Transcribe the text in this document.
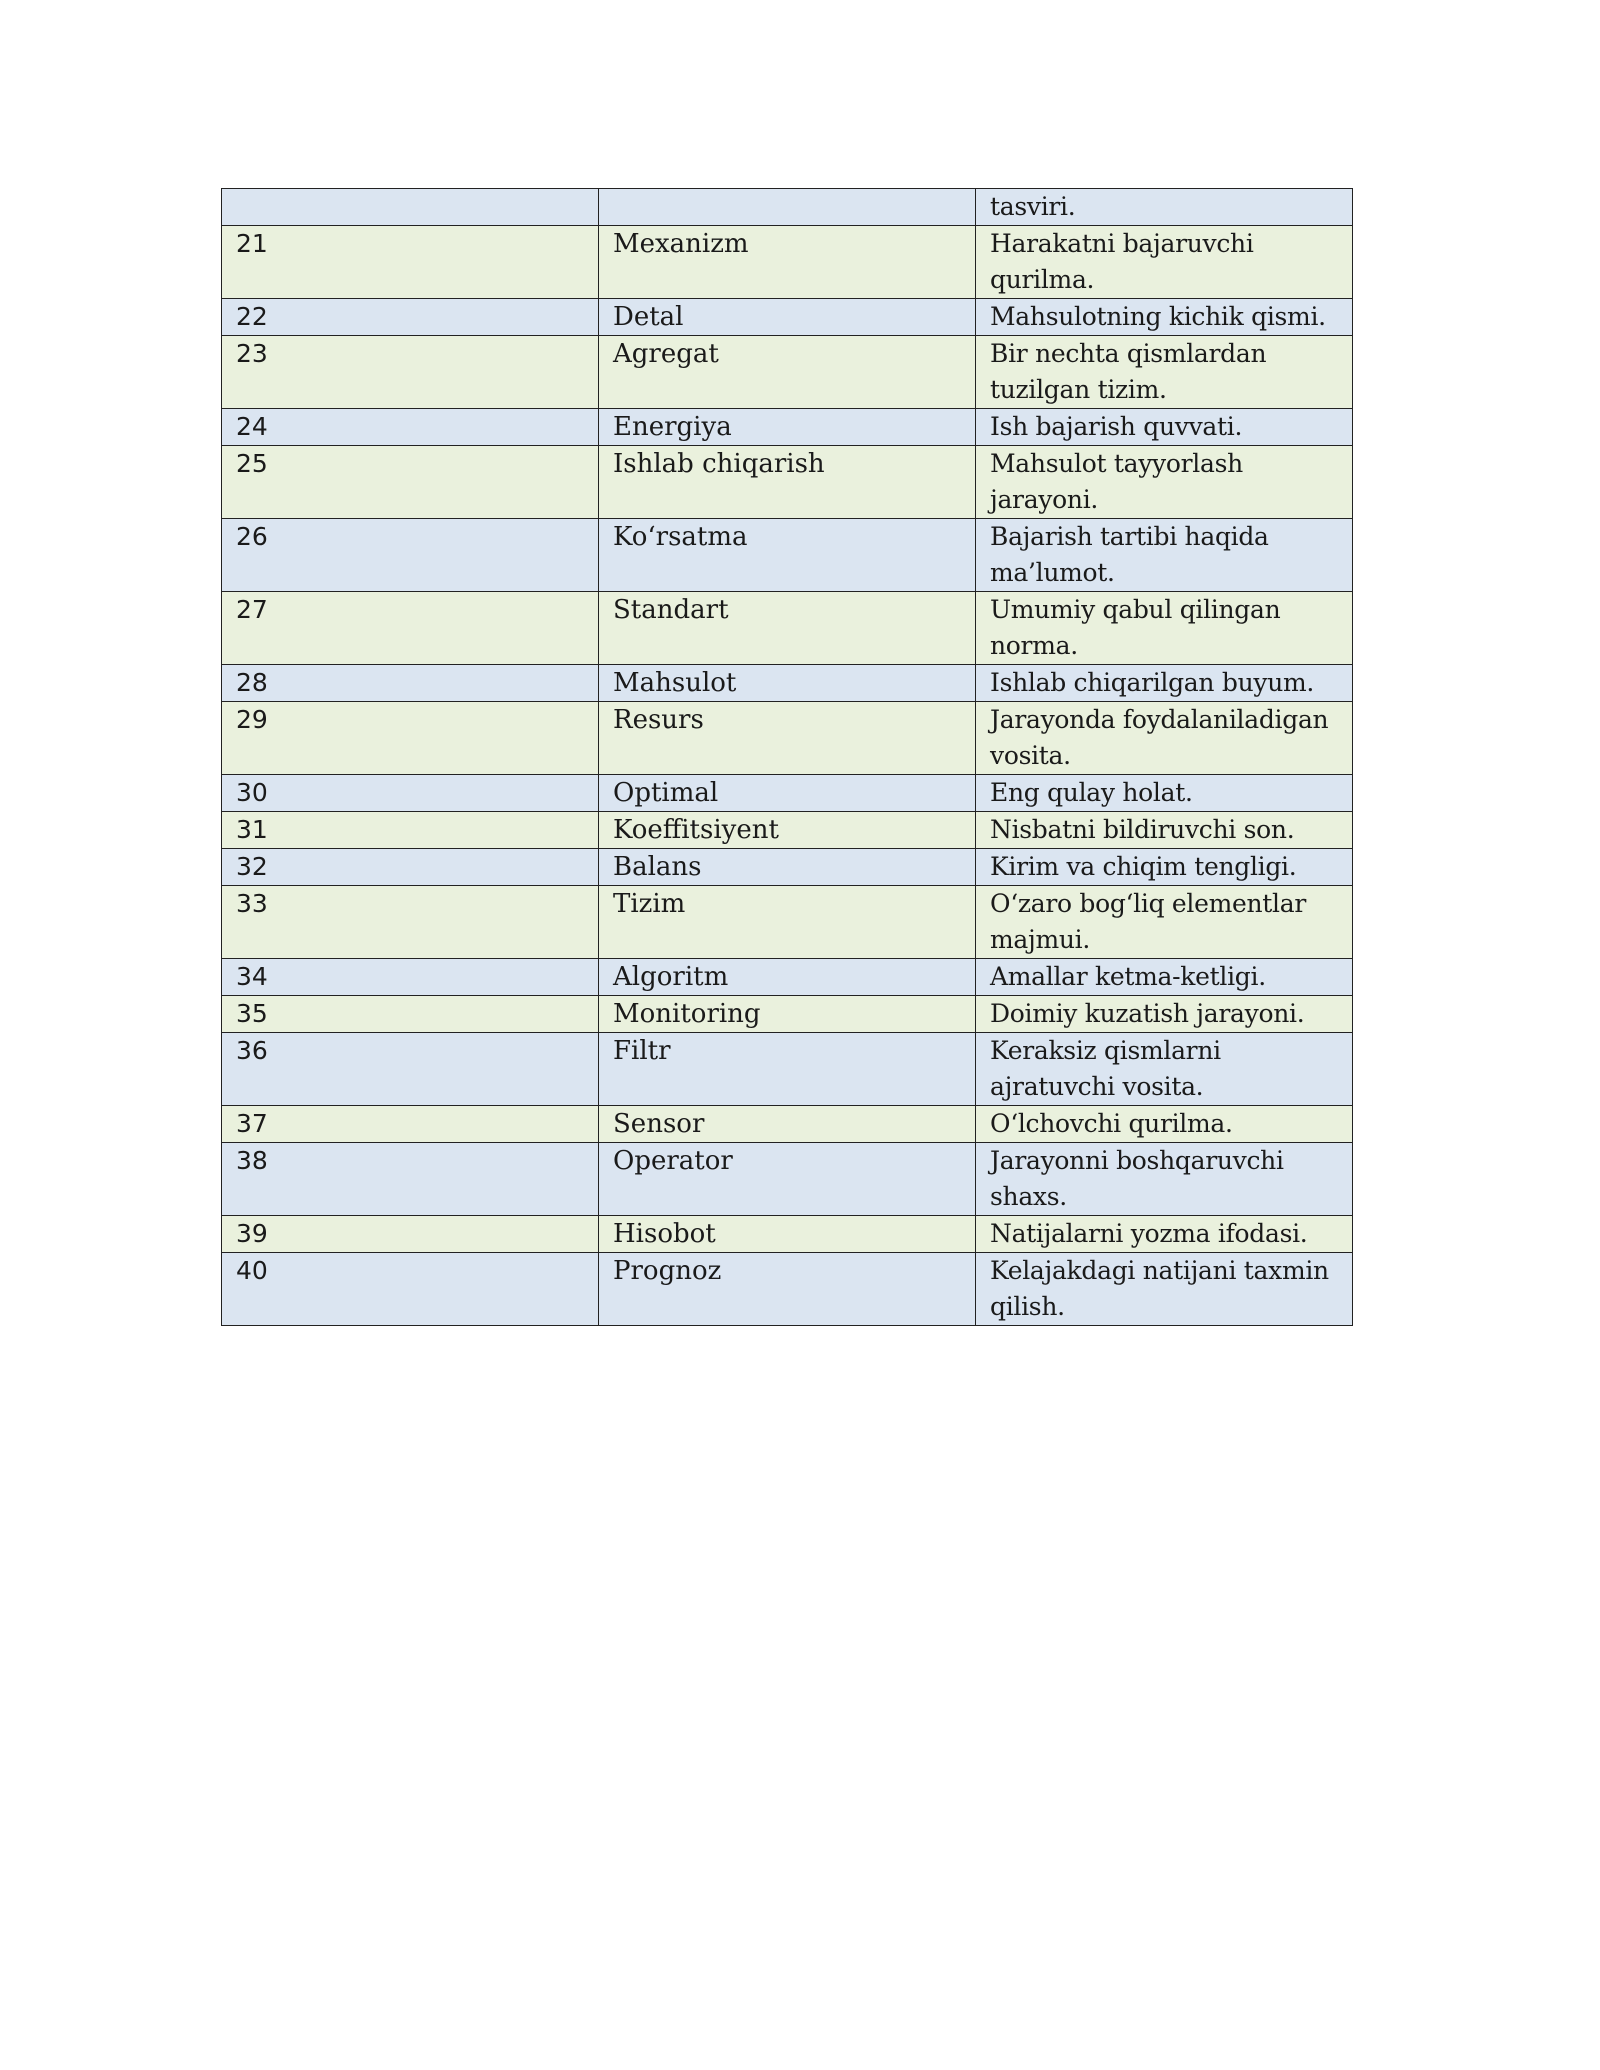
		tasviri.
21	Mexanizm	Harakatni bajaruvchi qurilma.
22	Detal	Mahsulotning kichik qismi.
23	Agregat	Bir nechta qismlardan tuzilgan tizim.
24	Energiya	Ish bajarish quvvati.
25	Ishlab chiqarish	Mahsulot tayyorlash jarayoni.
26	Ko‘rsatma	Bajarish tartibi haqida ma’lumot.
27	Standart	Umumiy qabul qilingan norma.
28	Mahsulot	Ishlab chiqarilgan buyum.
29	Resurs	Jarayonda foydalaniladigan vosita.
30	Optimal	Eng qulay holat.
31	Koeffitsiyent	Nisbatni bildiruvchi son.
32	Balans	Kirim va chiqim tengligi.
33	Tizim	O‘zaro bog‘liq elementlar majmui.
34	Algoritm	Amallar ketma-ketligi.
35	Monitoring	Doimiy kuzatish jarayoni.
36	Filtr	Keraksiz qismlarni ajratuvchi vosita.
37	Sensor	O‘lchovchi qurilma.
38	Operator	Jarayonni boshqaruvchi shaxs.
39	Hisobot	Natijalarni yozma ifodasi.
40	Prognoz	Kelajakdagi natijani taxmin qilish.
